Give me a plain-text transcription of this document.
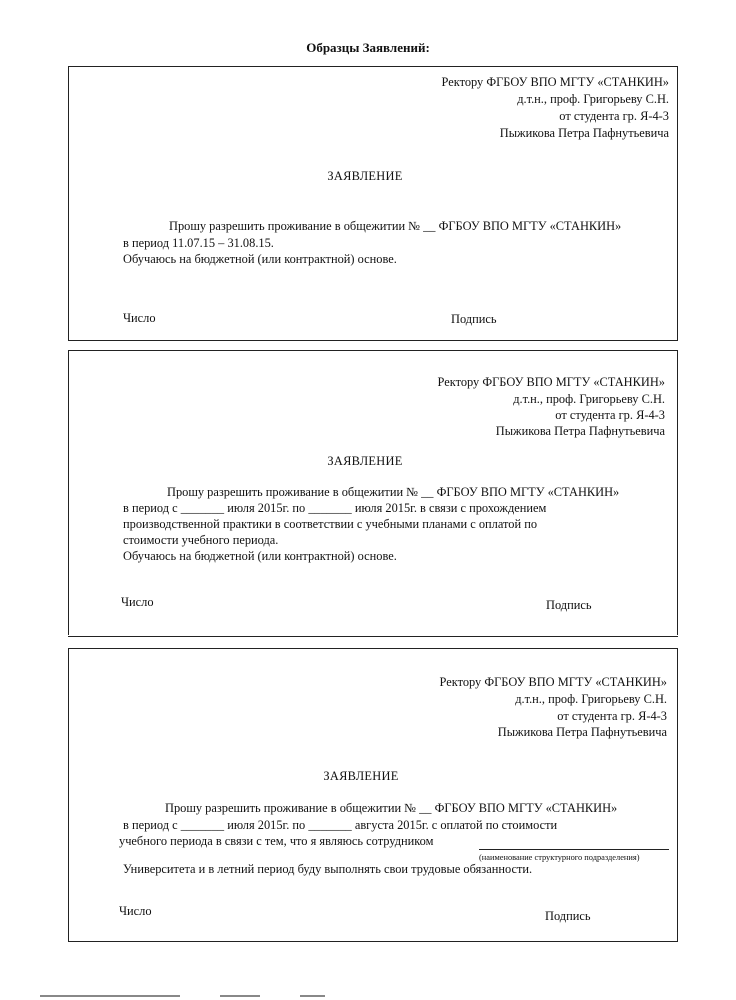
Образцы Заявлений:
Ректору ФГБОУ ВПО МГТУ «СТАНКИН»
д.т.н., проф. Григорьеву С.Н.
от студента гр. Я-4-3
Пыжикова Петра Пафнутьевича
ЗАЯВЛЕНИЕ
Прошу разрешить проживание в общежитии № __ ФГБОУ ВПО МГТУ «СТАНКИН»
в период 11.07.15 – 31.08.15.
Обучаюсь на бюджетной (или контрактной) основе.
Число	Подпись
Ректору ФГБОУ ВПО МГТУ «СТАНКИН»
д.т.н., проф. Григорьеву С.Н.
от студента гр. Я-4-3
Пыжикова Петра Пафнутьевича
ЗАЯВЛЕНИЕ
Прошу разрешить проживание в общежитии № __ ФГБОУ ВПО МГТУ «СТАНКИН»
в период с _______ июля 2015г. по _______ июля 2015г. в связи с прохождением
производственной практики в соответствии с учебными планами с оплатой по
стоимости учебного периода.
Обучаюсь на бюджетной (или контрактной) основе.
Число	Подпись
Ректору ФГБОУ ВПО МГТУ «СТАНКИН»
д.т.н., проф. Григорьеву С.Н.
от студента гр. Я-4-3
Пыжикова Петра Пафнутьевича
ЗАЯВЛЕНИЕ
Прошу разрешить проживание в общежитии № __ ФГБОУ ВПО МГТУ «СТАНКИН»
в период с _______ июля 2015г. по _______ августа 2015г. с оплатой по стоимости
учебного периода в связи с тем, что я являюсь сотрудником
(наименование структурного подразделения)
Университета и в летний период буду выполнять свои трудовые обязанности.
Число	Подпись
